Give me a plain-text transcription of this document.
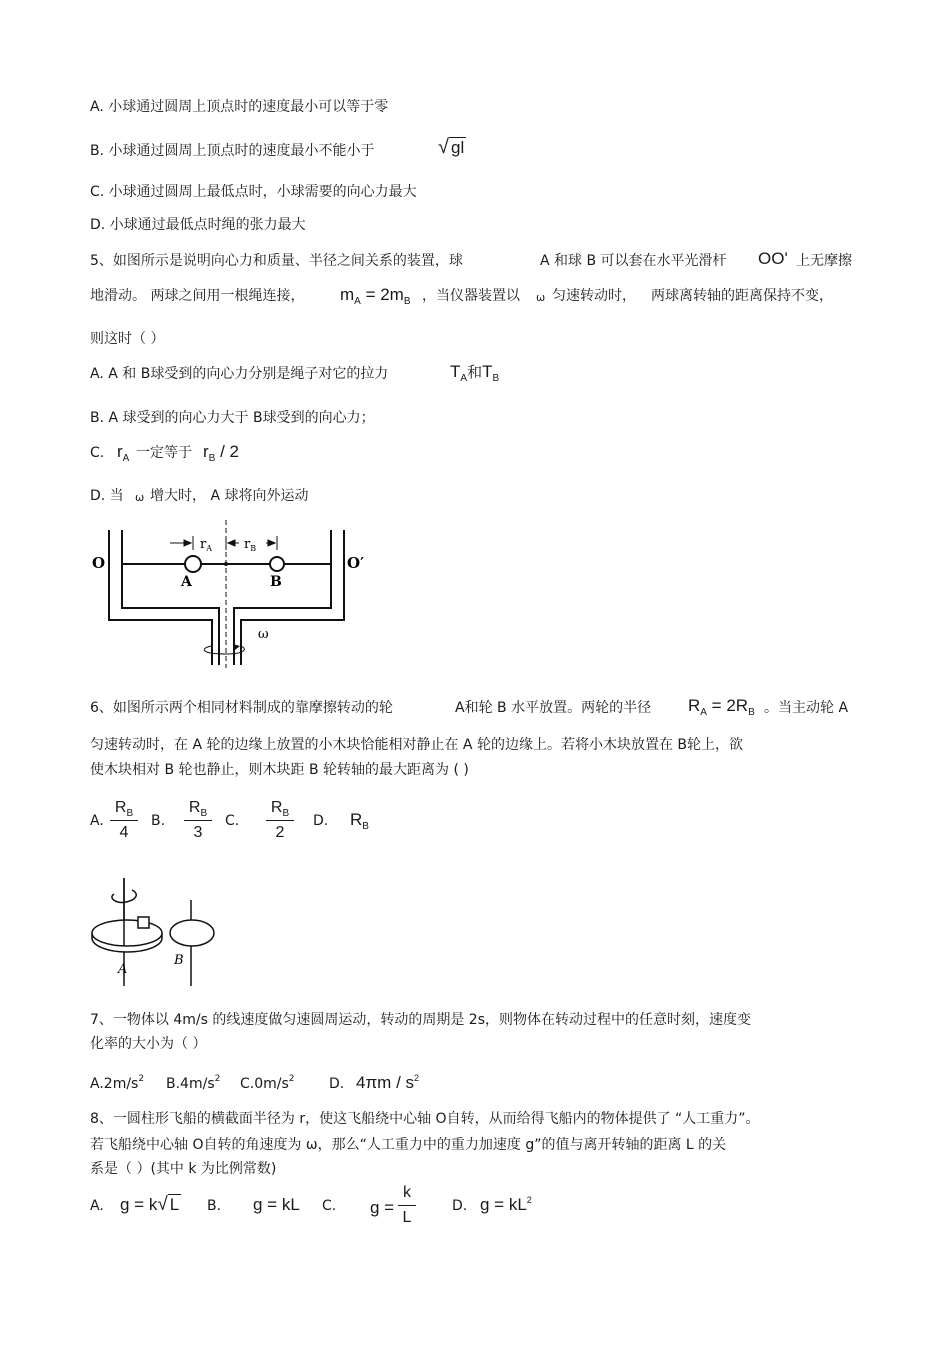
A. 小球通过圆周上顶点时的速度最小可以等于零
B. 小球通过圆周上顶点时的速度最小不能小于	√ gl
C. 小球通过圆周上最低点时，小球需要的向心力最大
D. 小球通过最低点时绳的张力最大
5、如图所示是说明向心力和质量、半径之间关系的装置，球	A 和球 B 可以套在水平光滑杆 OO' 上无摩擦
地滑动。 两球之间用一根绳连接， $m_A = 2m_B$ ，当仪器装置以 ω 匀速转动时， 两球离转轴的距离保持不变，
则这时（ ）
A. A 和 B球受到的向心力分别是绳子对它的拉力	$T_A$和$T_B$
B. A 球受到的向心力大于 B球受到的向心力；
C. $r_A$ 一定等于 $r_B / 2$
D. 当 ω 增大时， A 球将向外运动
$r_A$ $r_B$
O	O′
A	B
ω
6、如图所示两个相同材料制成的靠摩擦转动的轮	A和轮 B 水平放置。两轮的半径 $R_A = 2R_B$ 。当主动轮 A
匀速转动时，在 A 轮的边缘上放置的小木块恰能相对静止在 A 轮的边缘上。若将小木块放置在 B轮上，欲
使木块相对 B 轮也静止，则木块距 B 轮转轴的最大距离为 ( )
A.
$R_B$
4
B.
$R_B$
3
C.
$R_B$
2
D. $R_B$
A
B
7、一物体以 4m/s 的线速度做匀速圆周运动，转动的周期是 2s，则物体在转动过程中的任意时刻，速度变
化率的大小为（ ）
$A.2m/s^2$ $B.4m/s^2$ $C.0m/s^2$ D. $4\pi m / s^2$
8、一圆柱形飞船的横截面半径为 r，使这飞船绕中心轴 O自转，从而给得飞船内的物体提供了 “人工重力”。
若飞船绕中心轴 O自转的角速度为 ω，那么“人工重力中的重力加速度 g”的值与离开转轴的距离 L 的关
系是（ ）(其中 k 为比例常数)
A. g = k√ L B. g = kL C. g =
k
L
D. $g = kL^2$
